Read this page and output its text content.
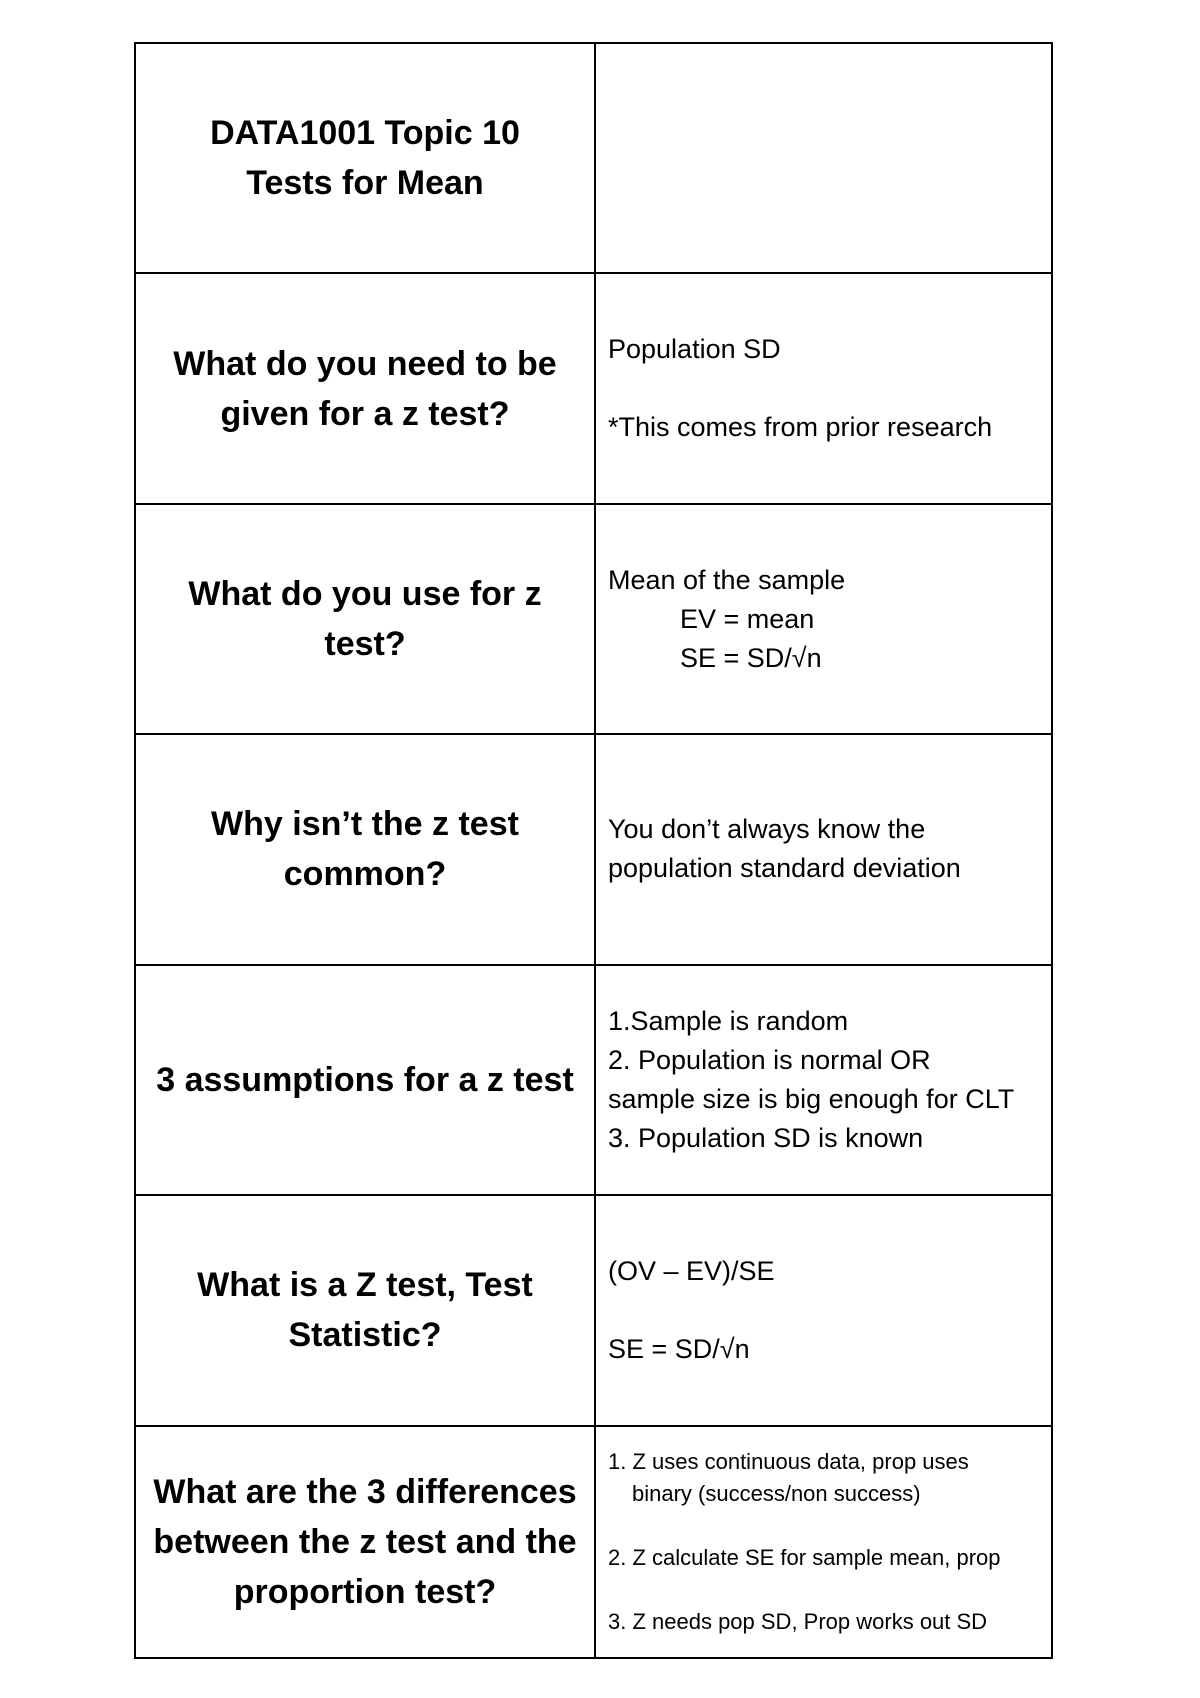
DATA1001 Topic 10
Tests for Mean
What do you need to be given for a z test?
Population SD
*This comes from prior research
What do you use for z test?
Mean of the sample
EV = mean
SE = SD/√n
Why isn’t the z test common?
You don’t always know the
population standard deviation
3 assumptions for a z test
1.Sample is random
2. Population is normal OR
sample size is big enough for CLT
3. Population SD is known
What is a Z test, Test Statistic?
(OV – EV)/SE
SE = SD/√n
What are the 3 differences between the z test and the proportion test?
1. Z uses continuous data, prop uses
binary (success/non success)
2. Z calculate SE for sample mean, prop
3. Z needs pop SD, Prop works out SD
